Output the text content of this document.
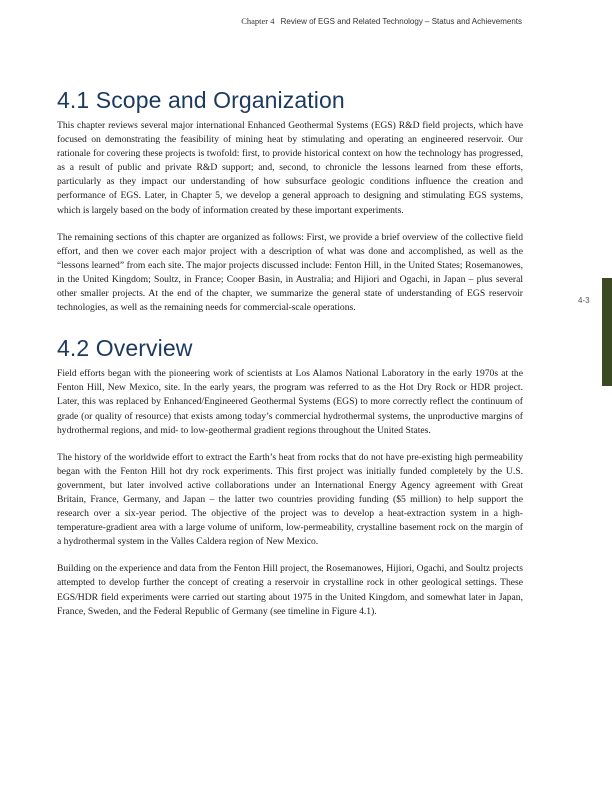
Chapter 4 Review of EGS and Related Technology – Status and Achievements
4-3
4.1 Scope and Organization

This chapter reviews several major international Enhanced Geothermal Systems (EGS) R&D field projects, which have focused on demonstrating the feasibility of mining heat by stimulating and operating an engineered reservoir. Our rationale for covering these projects is twofold: first, to provide historical context on how the technology has progressed, as a result of public and private R&D support; and, second, to chronicle the lessons learned from these efforts, particularly as they impact our understanding of how subsurface geologic conditions influence the creation and performance of EGS. Later, in Chapter 5, we develop a general approach to designing and stimulating EGS systems, which is largely based on the body of information created by these important experiments.

The remaining sections of this chapter are organized as follows: First, we provide a brief overview of the collective field effort, and then we cover each major project with a description of what was done and accomplished, as well as the “lessons learned” from each site. The major projects discussed include: Fenton Hill, in the United States; Rosemanowes, in the United Kingdom; Soultz, in France; Cooper Basin, in Australia; and Hijiori and Ogachi, in Japan – plus several other smaller projects. At the end of the chapter, we summarize the general state of understanding of EGS reservoir technologies, as well as the remaining needs for commercial-scale operations.

4.2 Overview

Field efforts began with the pioneering work of scientists at Los Alamos National Laboratory in the early 1970s at the Fenton Hill, New Mexico, site. In the early years, the program was referred to as the Hot Dry Rock or HDR project. Later, this was replaced by Enhanced/Engineered Geothermal Systems (EGS) to more correctly reflect the continuum of grade (or quality of resource) that exists among today’s commercial hydrothermal systems, the unproductive margins of hydrothermal regions, and mid- to low-geothermal gradient regions throughout the United States.

The history of the worldwide effort to extract the Earth’s heat from rocks that do not have pre-existing high permeability began with the Fenton Hill hot dry rock experiments. This first project was initially funded completely by the U.S. government, but later involved active collaborations under an International Energy Agency agreement with Great Britain, France, Germany, and Japan – the latter two countries providing funding ($5 million) to help support the research over a six-year period. The objective of the project was to develop a heat-extraction system in a high-temperature-gradient area with a large volume of uniform, low-permeability, crystalline basement rock on the margin of a hydrothermal system in the Valles Caldera region of New Mexico.

Building on the experience and data from the Fenton Hill project, the Rosemanowes, Hijiori, Ogachi, and Soultz projects attempted to develop further the concept of creating a reservoir in crystalline rock in other geological settings. These EGS/HDR field experiments were carried out starting about 1975 in the United Kingdom, and somewhat later in Japan, France, Sweden, and the Federal Republic of Germany (see timeline in Figure 4.1).
